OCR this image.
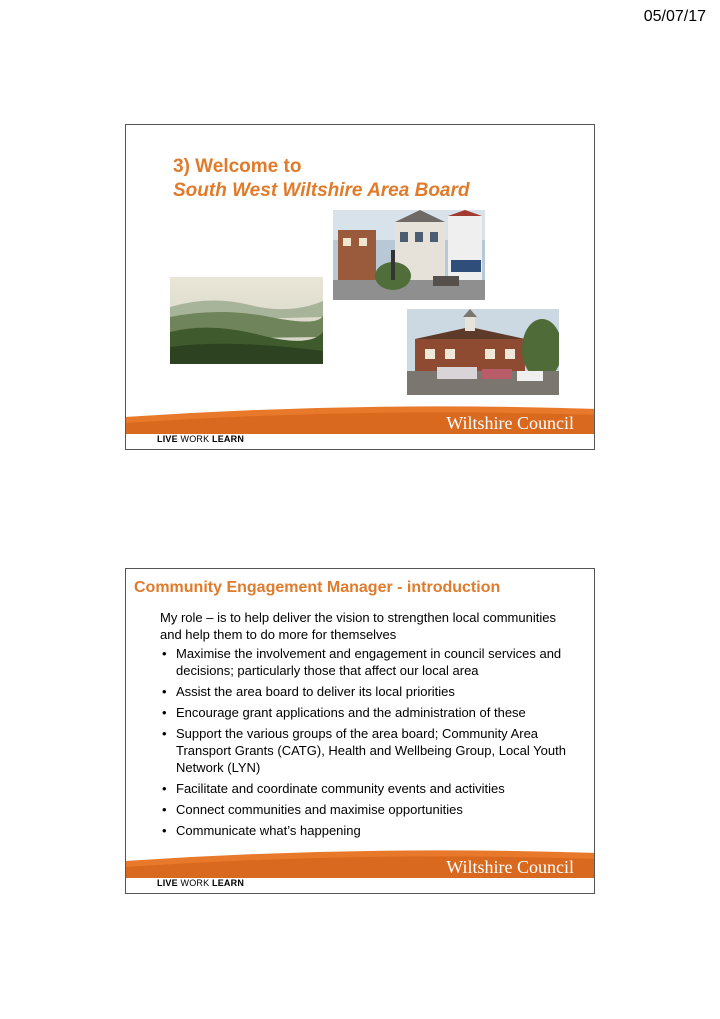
05/07/17
3) Welcome to
South West Wiltshire Area Board
Wiltshire Council
Where everybody matters
LIVE WORK LEARN
Community Engagement Manager - introduction
My role – is to help deliver the vision to strengthen local communities and help them to do more for themselves
• Maximise the involvement and engagement in council services and decisions; particularly those that affect our local area
• Assist the area board to deliver its local priorities
• Encourage grant applications and the administration of these
• Support the various groups of the area board; Community Area Transport Grants (CATG), Health and Wellbeing Group, Local Youth Network (LYN)
• Facilitate and coordinate community events and activities
• Connect communities and maximise opportunities
• Communicate what’s happening
Wiltshire Council
Where everybody matters
LIVE WORK LEARN
